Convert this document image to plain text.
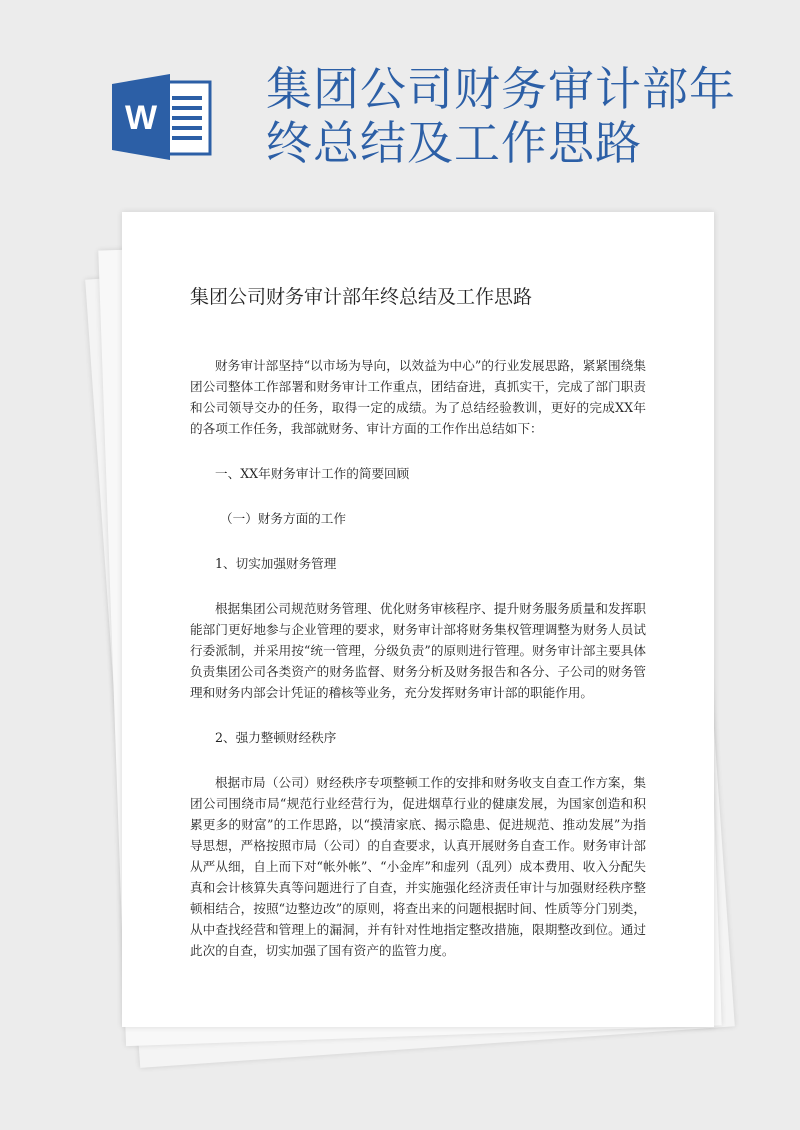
W
集团公司财务审计部年
终总结及工作思路
集团公司财务审计部年终总结及工作思路

财务审计部坚持“以市场为导向，以效益为中心”的行业发展思路，紧紧围绕集团公司整体工作部署和财务审计工作重点，团结奋进，真抓实干，完成了部门职责和公司领导交办的任务，取得一定的成绩。为了总结经验教训，更好的完成XX年的各项工作任务，我部就财务、审计方面的工作作出总结如下：

一、XX年财务审计工作的简要回顾
（一）财务方面的工作
1、切实加强财务管理

根据集团公司规范财务管理、优化财务审核程序、提升财务服务质量和发挥职能部门更好地参与企业管理的要求，财务审计部将财务集权管理调整为财务人员试行委派制，并采用按“统一管理，分级负责”的原则进行管理。财务审计部主要具体负责集团公司各类资产的财务监督、财务分析及财务报告和各分、子公司的财务管理和财务内部会计凭证的稽核等业务，充分发挥财务审计部的职能作用。

2、强力整顿财经秩序

根据市局（公司）财经秩序专项整顿工作的安排和财务收支自查工作方案，集团公司围绕市局“规范行业经营行为，促进烟草行业的健康发展，为国家创造和积累更多的财富”的工作思路，以“摸清家底、揭示隐患、促进规范、推动发展”为指导思想，严格按照市局（公司）的自查要求，认真开展财务自查工作。财务审计部从严从细，自上而下对“帐外帐”、“小金库”和虚列（乱列）成本费用、收入分配失真和会计核算失真等问题进行了自查，并实施强化经济责任审计与加强财经秩序整顿相结合，按照“边整边改”的原则，将查出来的问题根据时间、性质等分门别类，从中查找经营和管理上的漏洞，并有针对性地指定整改措施，限期整改到位。通过此次的自查，切实加强了国有资产的监管力度。
